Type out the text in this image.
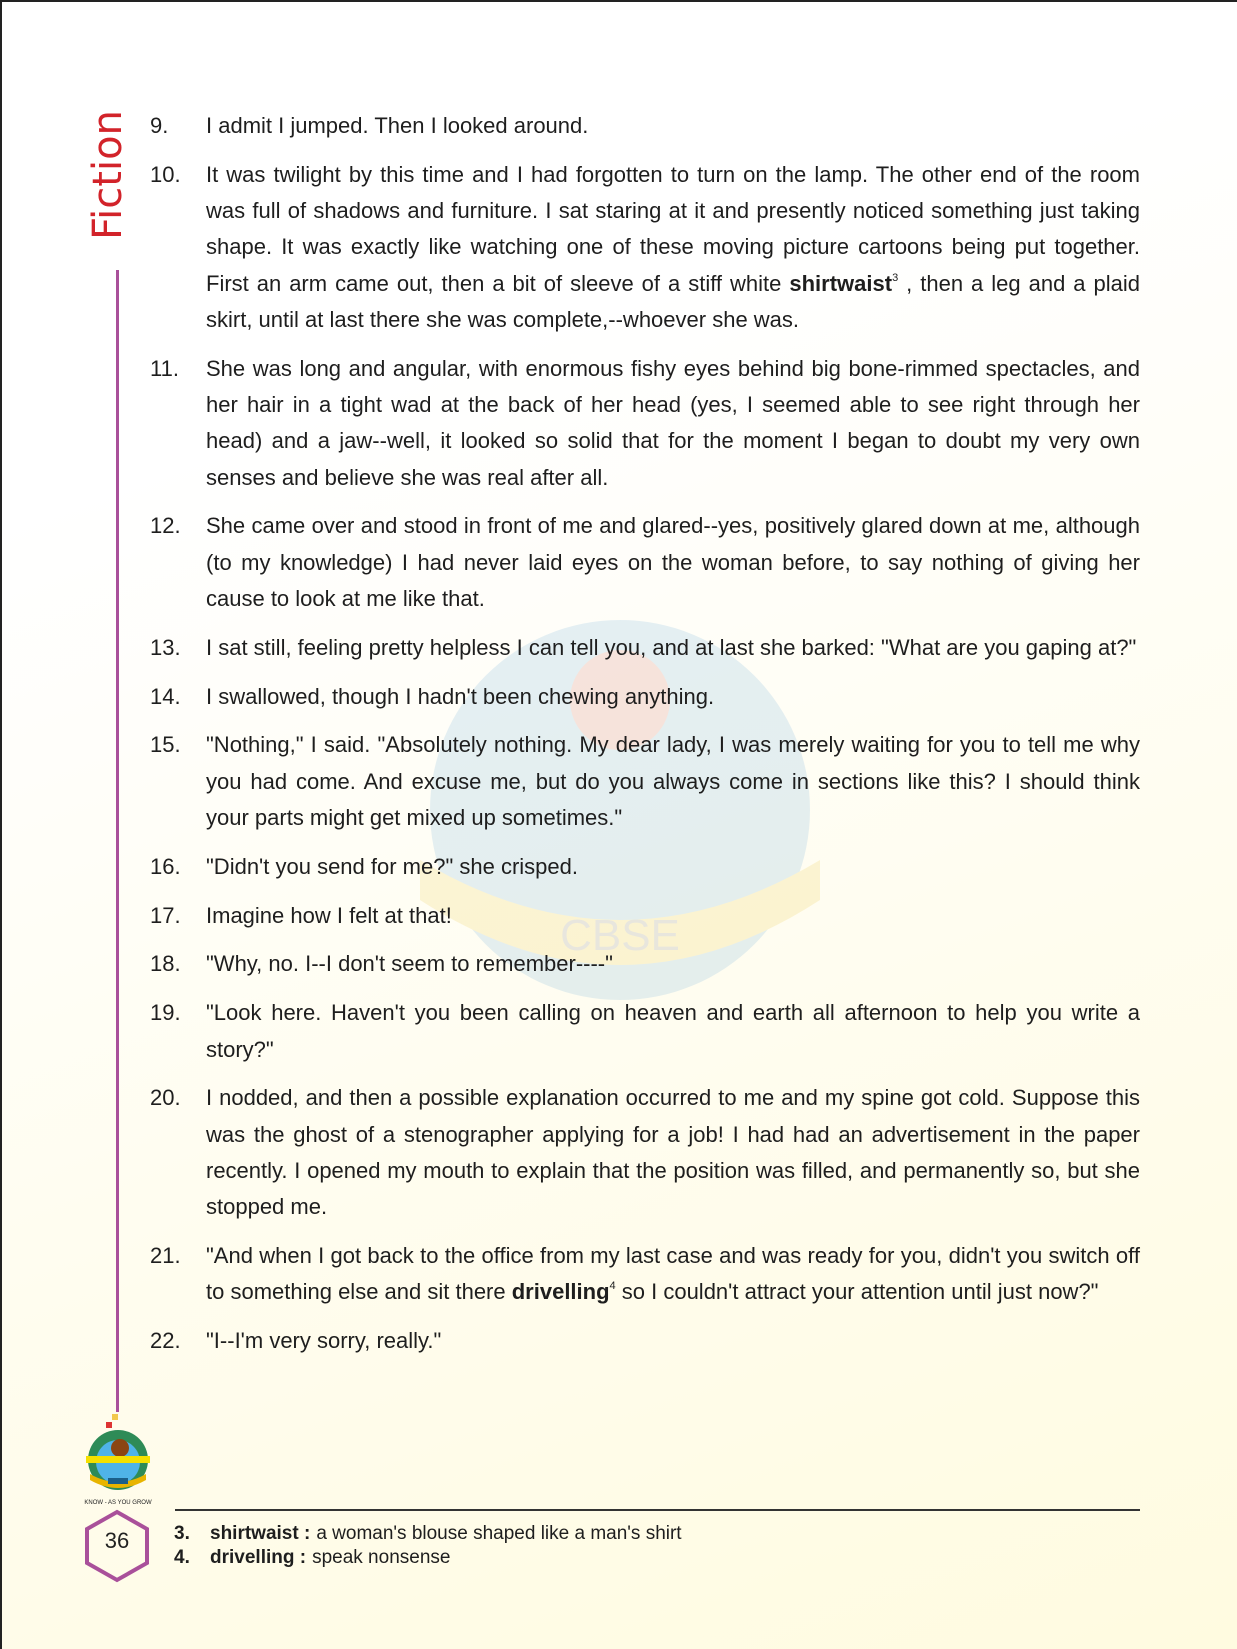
CBSE
Fiction 9.	I admit I jumped. Then I looked around.
10.	It was twilight by this time and I had forgotten to turn on the lamp. The other end of the room was full of shadows and furniture. I sat staring at it and presently noticed something just taking shape. It was exactly like watching one of these moving picture cartoons being put together. First an arm came out, then a bit of sleeve of a stiff white shirtwaist$^3$ , then a leg and a plaid skirt, until at last there she was complete,--whoever she was.
11.	She was long and angular, with enormous fishy eyes behind big bone-rimmed spectacles, and her hair in a tight wad at the back of her head (yes, I seemed able to see right through her head) and a jaw--well, it looked so solid that for the moment I began to doubt my very own senses and believe she was real after all.
12.	She came over and stood in front of me and glared--yes, positively glared down at me, although (to my knowledge) I had never laid eyes on the woman before, to say nothing of giving her cause to look at me like that.
13.	I sat still, feeling pretty helpless I can tell you, and at last she barked: "What are you gaping at?"
14.	I swallowed, though I hadn't been chewing anything.
15.	"Nothing," I said. "Absolutely nothing. My dear lady, I was merely waiting for you to tell me why you had come. And excuse me, but do you always come in sections like this? I should think your parts might get mixed up sometimes."
16.	"Didn't you send for me?" she crisped.
17.	Imagine how I felt at that!
18.	"Why, no. I--I don't seem to remember----"
19.	"Look here. Haven't you been calling on heaven and earth all afternoon to help you write a story?"
20.	I nodded, and then a possible explanation occurred to me and my spine got cold. Suppose this was the ghost of a stenographer applying for a job! I had had an advertisement in the paper recently. I opened my mouth to explain that the position was filled, and permanently so, but she stopped me.
21.	"And when I got back to the office from my last case and was ready for you, didn't you switch off to something else and sit there drivelling$^4$ so I couldn't attract your attention until just now?"
22.	"I--I'm very sorry, really."
KNOW - AS YOU GROW
36	3.	shirtwaist : a woman's blouse shaped like a man's shirt
4.	drivelling : speak nonsense
